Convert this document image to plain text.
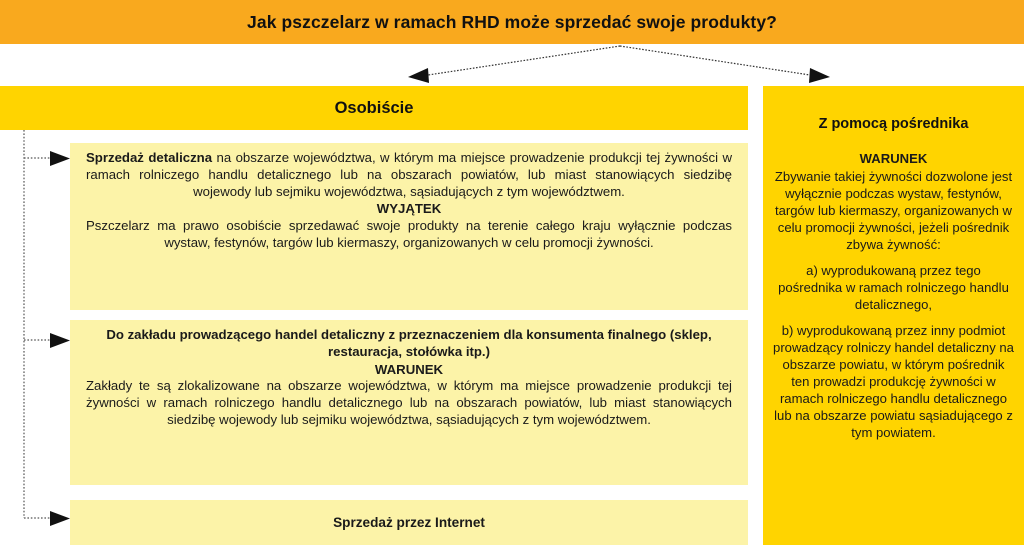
Jak pszczelarz w ramach RHD może sprzedać swoje produkty?
Osobiście
Z pomocą pośrednika

Sprzedaż detaliczna na obszarze województwa, w którym ma miejsce prowadzenie produkcji tej żywności w ramach rolniczego handlu detalicznego lub na obszarach powiatów, lub miast stanowiących siedzibę wojewody lub sejmiku województwa, sąsiadujących z tym województwem.

WYJĄTEK

Pszczelarz ma prawo osobiście sprzedawać swoje produkty na terenie całego kraju wyłącznie podczas wystaw, festynów, targów lub kiermaszy, organizowanych w celu promocji żywności.

Do zakładu prowadzącego handel detaliczny z przeznaczeniem dla konsumenta finalnego (sklep, restauracja, stołówka itp.)

WARUNEK

Zakłady te są zlokalizowane na obszarze województwa, w którym ma miejsce prowadzenie produkcji tej żywności w ramach rolniczego handlu detalicznego lub na obszarach powiatów, lub miast stanowiących siedzibę wojewody lub sejmiku województwa, sąsiadujących z tym województwem.

Sprzedaż przez Internet

WARUNEK

Zbywanie takiej żywności dozwolone jest wyłącznie podczas wystaw, festynów, targów lub kiermaszy, organizowanych w celu promocji żywności, jeżeli pośrednik zbywa żywność:

a) wyprodukowaną przez tego pośrednika w ramach rolniczego handlu detalicznego,

b) wyprodukowaną przez inny podmiot prowadzący rolniczy handel detaliczny na obszarze powiatu, w którym pośrednik ten prowadzi produkcję żywności w ramach rolniczego handlu detalicznego lub na obszarze powiatu sąsiadującego z tym powiatem.
